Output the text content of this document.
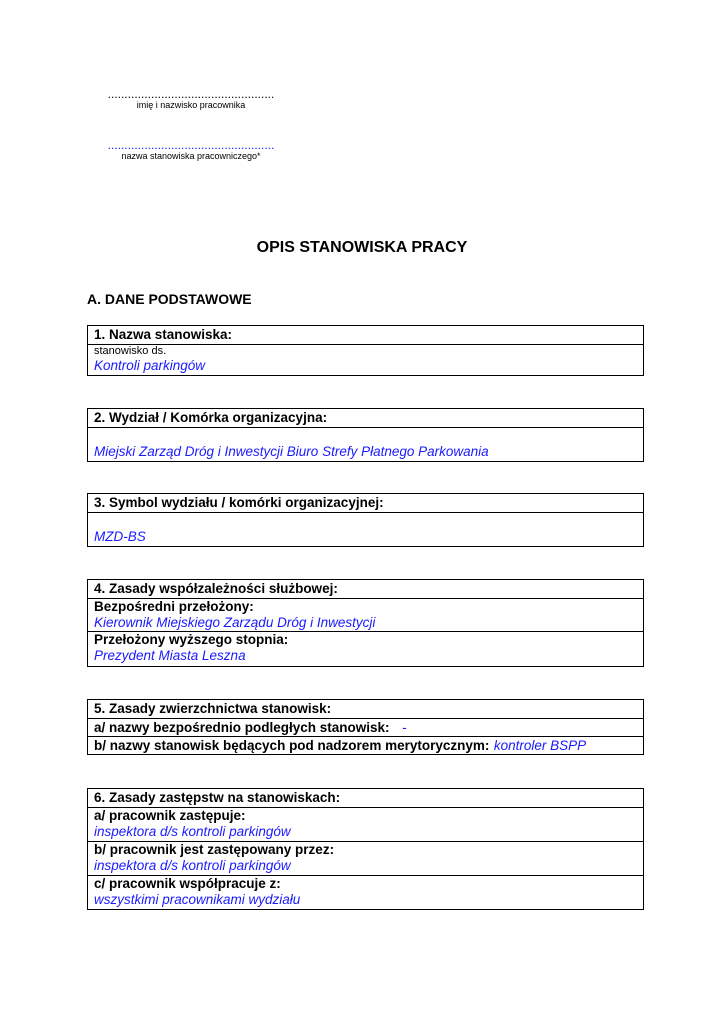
..................................................
imię i nazwisko pracownika
..................................................
nazwa stanowiska pracowniczego*
OPIS STANOWISKA PRACY
A. DANE PODSTAWOWE
1. Nazwa stanowiska:
stanowisko ds.
Kontroli parkingów
2. Wydział / Komórka organizacyjna:
Miejski Zarząd Dróg i Inwestycji Biuro Strefy Płatnego Parkowania
3. Symbol wydziału / komórki organizacyjnej:
MZD-BS
4. Zasady współzależności służbowej:
Bezpośredni przełożony:
Kierownik Miejskiego Zarządu Dróg i Inwestycji
Przełożony wyższego stopnia:
Prezydent Miasta Leszna
5. Zasady zwierzchnictwa stanowisk:
a/ nazwy bezpośrednio podległych stanowisk: -
b/ nazwy stanowisk będących pod nadzorem merytorycznym: kontroler BSPP
6. Zasady zastępstw na stanowiskach:
a/ pracownik zastępuje:
inspektora d/s kontroli parkingów
b/ pracownik jest zastępowany przez:
inspektora d/s kontroli parkingów
c/ pracownik współpracuje z:
wszystkimi pracownikami wydziału
